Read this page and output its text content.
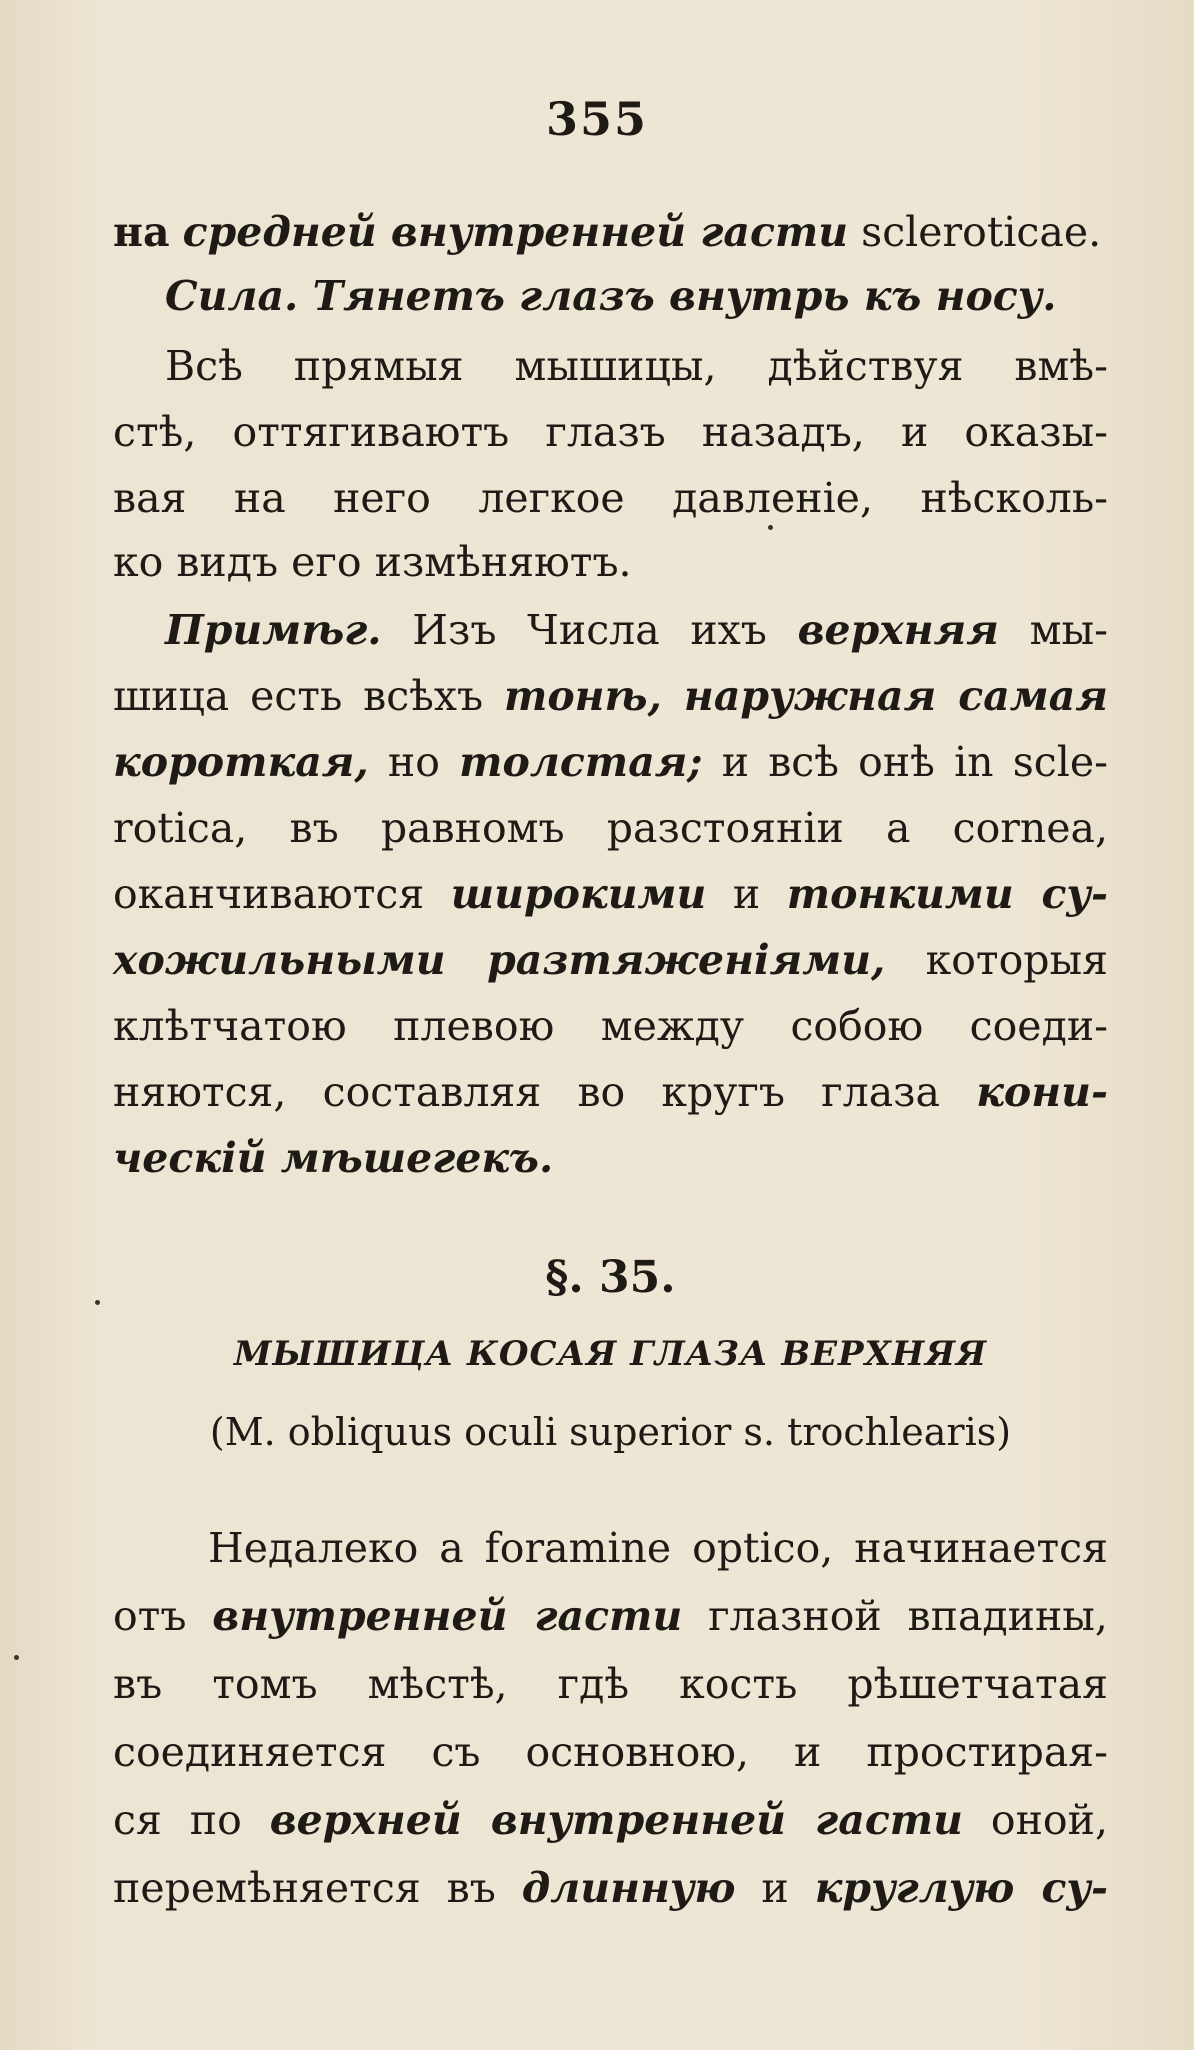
355
на средней внутренней гасти scleroticae.
Сила. Тянетъ глазъ внутрь къ носу.
Всѣ прямыя мышицы, дѣйствуя вмѣ-
стѣ, оттягиваютъ глазъ назадъ, и оказы-
вая на него легкое давленіе, нѣсколь-
ко видъ его измѣняютъ.
Примѣг. Изъ Числа ихъ верхняя мы-
шица есть всѣхъ тонѣ, наружная самая
короткая, но толстая; и всѣ онѣ in scle-
rotica, въ равномъ разстояніи a cornea,
оканчиваются широкими и тонкими су-
хожильными разтяженіями, которыя
клѣтчатою плевою между собою соеди-
няются, составляя во кругъ глаза кони-
ческій мѣшегекъ.
§. 35.
МЫШИЦА КОСАЯ ГЛАЗА ВЕРХНЯЯ
(M. obliquus oculi superior s. trochlearis)
Недалеко a foramine optico, начинается
отъ внутренней гасти глазной впадины,
въ томъ мѣстѣ, гдѣ кость рѣшетчатая
соединяется съ основною, и простирая-
ся по верхней внутренней гасти оной,
перемѣняется въ длинную и круглую су-
